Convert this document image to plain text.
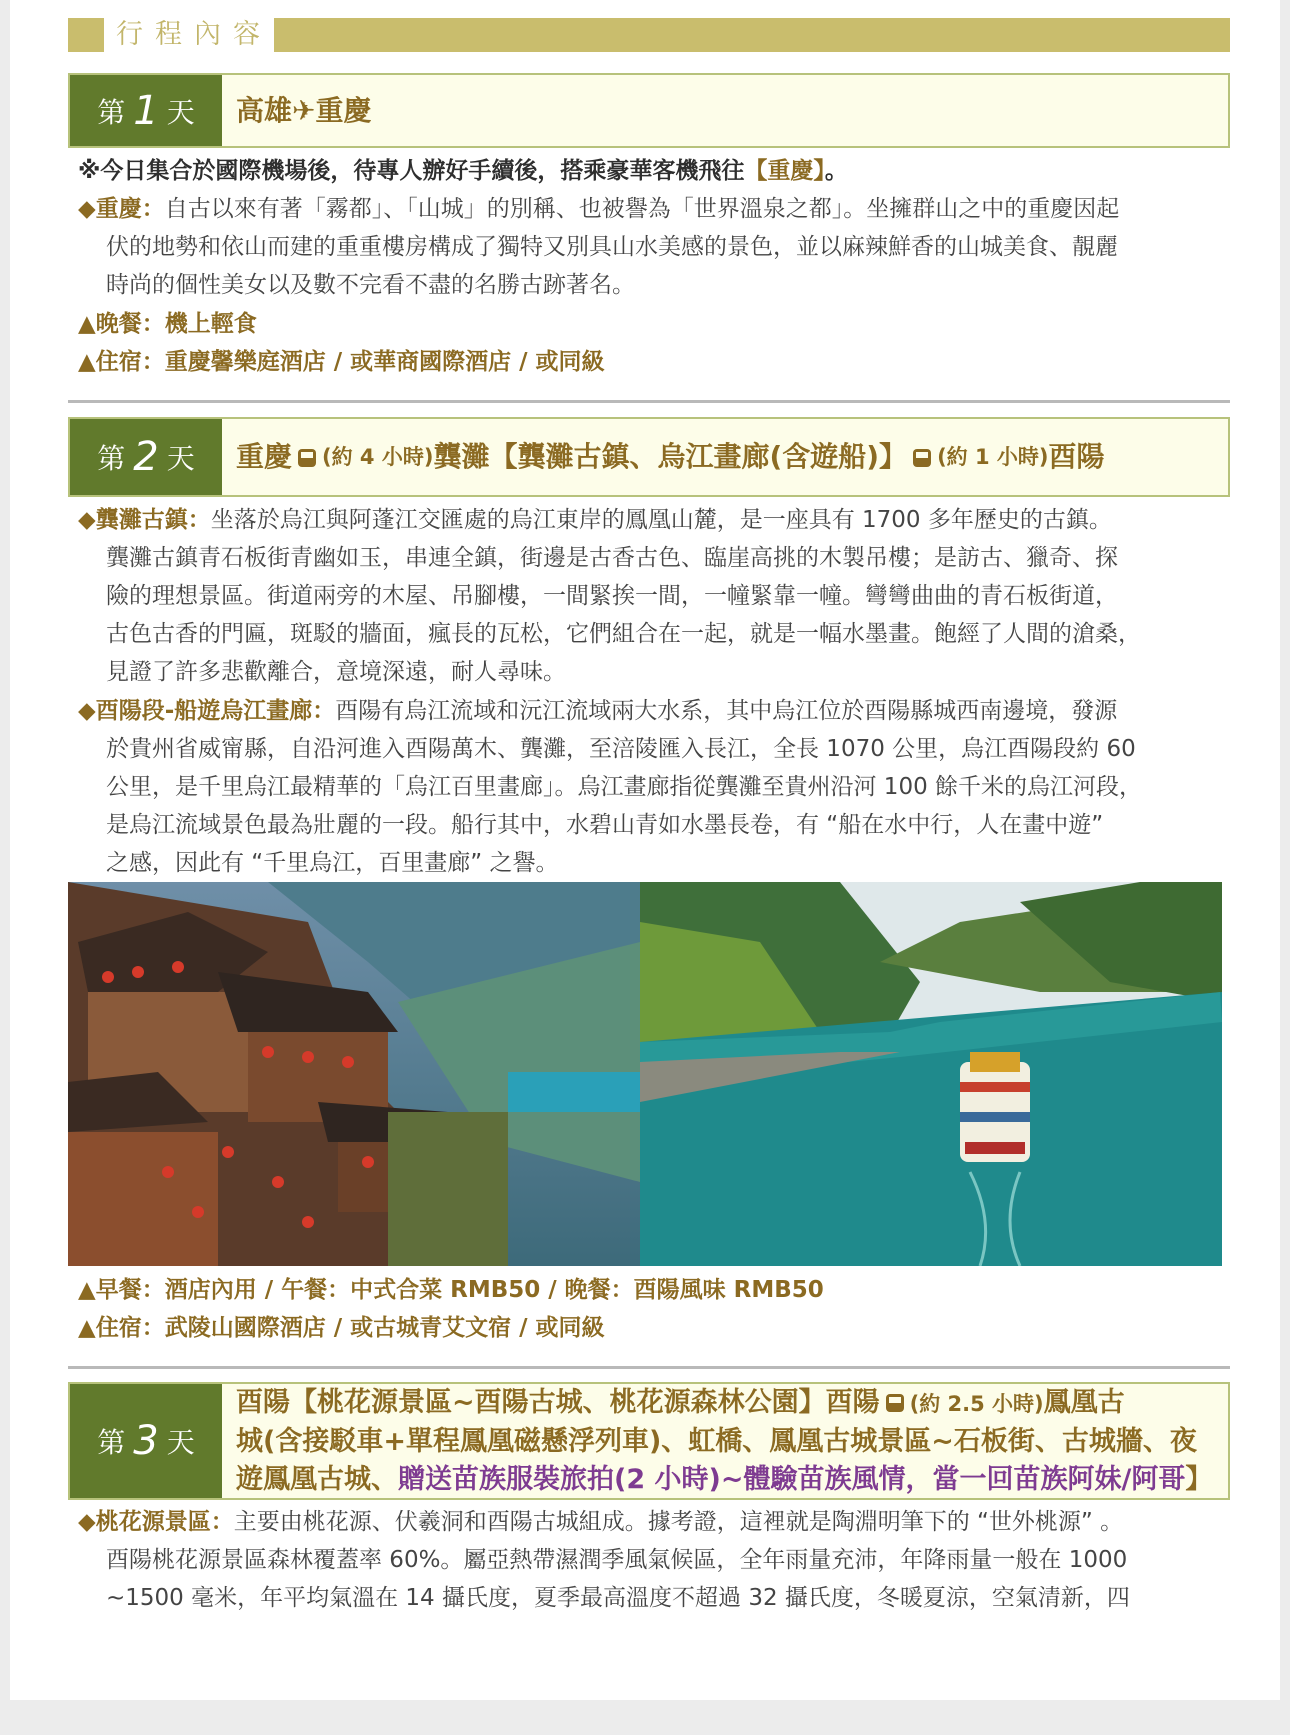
行程內容
第 1 天 高雄✈重慶
※今日集合於國際機場後，待專人辦好手續後，搭乘豪華客機飛往【重慶】。
◆重慶：自古以來有著「霧都」、「山城」的別稱、也被譽為「世界溫泉之都」。坐擁群山之中的重慶因起
伏的地勢和依山而建的重重樓房構成了獨特又別具山水美感的景色，並以麻辣鮮香的山城美食、靚麗
時尚的個性美女以及數不完看不盡的名勝古跡著名。
▲晚餐：機上輕食
▲住宿：重慶馨樂庭酒店 / 或華商國際酒店 / 或同級
第 2 天 重慶 (約 4 小時) 龔灘【龔灘古鎮、烏江畫廊(含遊船)】 (約 1 小時) 酉陽
◆龔灘古鎮：坐落於烏江與阿蓬江交匯處的烏江東岸的鳳凰山麓，是一座具有 1700 多年歷史的古鎮。
龔灘古鎮青石板街青幽如玉，串連全鎮，街邊是古香古色、臨崖高挑的木製吊樓；是訪古、獵奇、探
險的理想景區。街道兩旁的木屋、吊腳樓，一間緊挨一間，一幢緊靠一幢。彎彎曲曲的青石板街道，
古色古香的門匾，斑駁的牆面，瘋長的瓦松，它們組合在一起，就是一幅水墨畫。飽經了人間的滄桑，
見證了許多悲歡離合，意境深遠，耐人尋味。
◆酉陽段-船遊烏江畫廊：酉陽有烏江流域和沅江流域兩大水系，其中烏江位於酉陽縣城西南邊境，發源
於貴州省威甯縣，自沿河進入酉陽萬木、龔灘，至涪陵匯入長江，全長 1070 公里，烏江酉陽段約 60
公里，是千里烏江最精華的「烏江百里畫廊」。烏江畫廊指從龔灘至貴州沿河 100 餘千米的烏江河段，
是烏江流域景色最為壯麗的一段。船行其中，水碧山青如水墨長卷，有 “船在水中行，人在畫中遊”
之感，因此有 “千里烏江，百里畫廊” 之譽。
▲早餐：酒店內用 / 午餐：中式合菜 RMB50 / 晚餐：酉陽風味 RMB50
▲住宿：武陵山國際酒店 / 或古城青艾文宿 / 或同級
第 3 天
酉陽【桃花源景區~酉陽古城、桃花源森林公園】酉陽 (約 2.5 小時)鳳凰古
城(含接駁車+單程鳳凰磁懸浮列車)、虹橋、鳳凰古城景區~石板街、古城牆、夜
遊鳳凰古城、贈送苗族服裝旅拍(2 小時)~體驗苗族風情，當一回苗族阿妹/阿哥】
◆桃花源景區：主要由桃花源、伏羲洞和酉陽古城組成。據考證，這裡就是陶淵明筆下的 “世外桃源” 。
酉陽桃花源景區森林覆蓋率 60%。屬亞熱帶濕潤季風氣候區，全年雨量充沛，年降雨量一般在 1000
~1500 毫米，年平均氣溫在 14 攝氏度，夏季最高溫度不超過 32 攝氏度，冬暖夏涼，空氣清新，四
